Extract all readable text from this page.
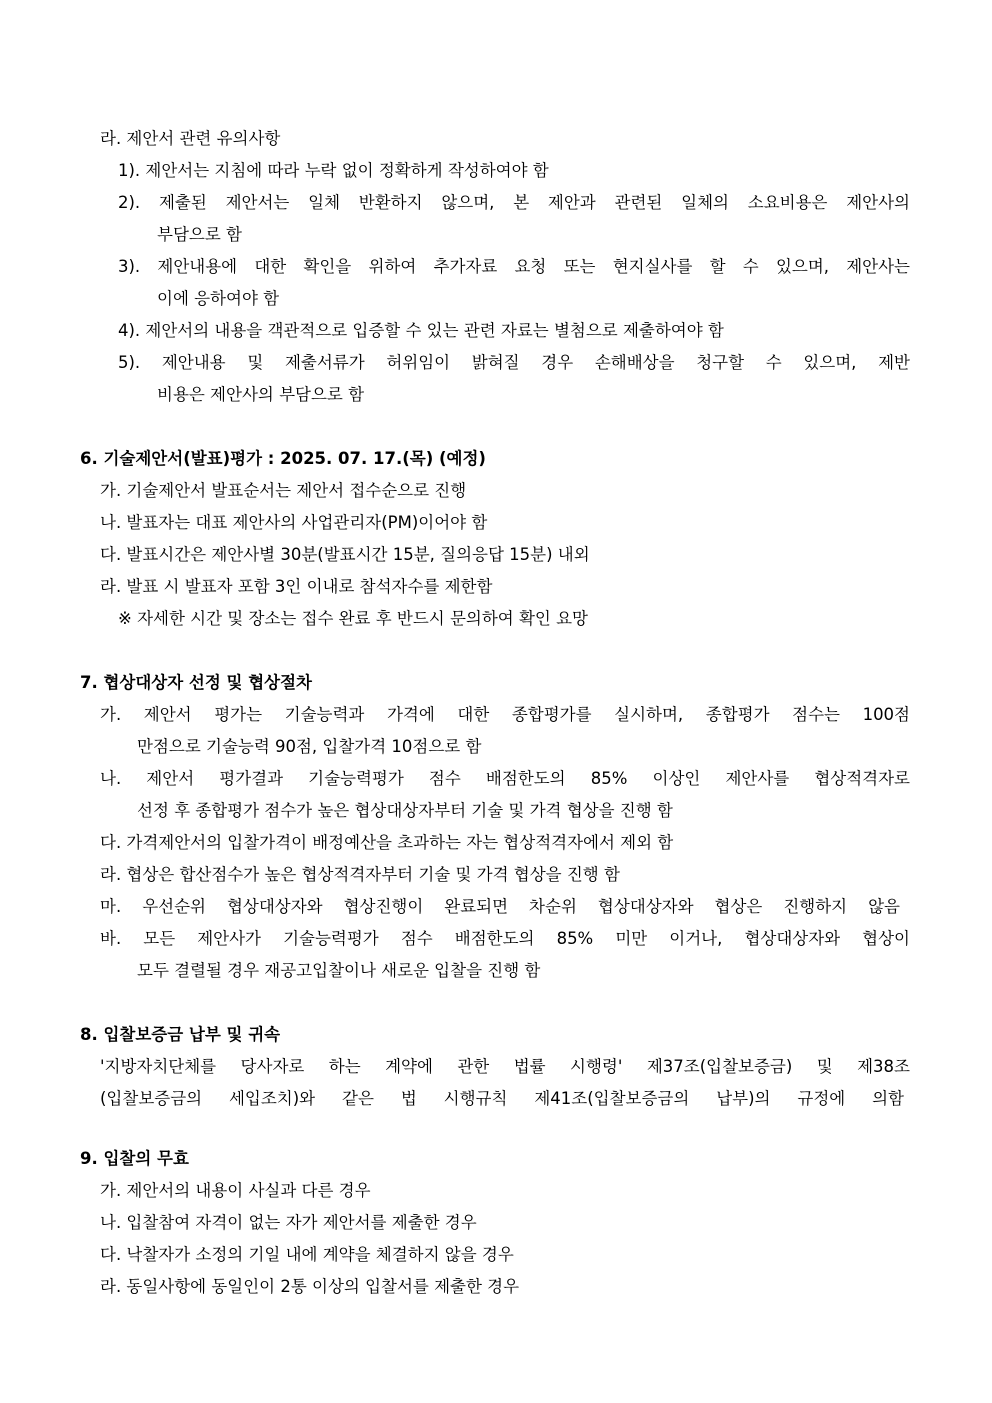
라. 제안서 관련 유의사항
1). 제안서는 지침에 따라 누락 없이 정확하게 작성하여야 함
2). 제출된 제안서는 일체 반환하지 않으며, 본 제안과 관련된 일체의 소요비용은 제안사의
부담으로 함
3). 제안내용에 대한 확인을 위하여 추가자료 요청 또는 현지실사를 할 수 있으며, 제안사는
이에 응하여야 함
4). 제안서의 내용을 객관적으로 입증할 수 있는 관련 자료는 별첨으로 제출하여야 함
5). 제안내용 및 제출서류가 허위임이 밝혀질 경우 손해배상을 청구할 수 있으며, 제반
비용은 제안사의 부담으로 함
6. 기술제안서(발표)평가 : 2025. 07. 17.(목) (예정)
가. 기술제안서 발표순서는 제안서 접수순으로 진행
나. 발표자는 대표 제안사의 사업관리자(PM)이어야 함
다. 발표시간은 제안사별 30분(발표시간 15분, 질의응답 15분) 내외
라. 발표 시 발표자 포함 3인 이내로 참석자수를 제한함
※ 자세한 시간 및 장소는 접수 완료 후 반드시 문의하여 확인 요망
7. 협상대상자 선정 및 협상절차
가. 제안서 평가는 기술능력과 가격에 대한 종합평가를 실시하며, 종합평가 점수는 100점
만점으로 기술능력 90점, 입찰가격 10점으로 함
나. 제안서 평가결과 기술능력평가 점수 배점한도의 85% 이상인 제안사를 협상적격자로
선정 후 종합평가 점수가 높은 협상대상자부터 기술 및 가격 협상을 진행 함
다. 가격제안서의 입찰가격이 배정예산을 초과하는 자는 협상적격자에서 제외 함
라. 협상은 합산점수가 높은 협상적격자부터 기술 및 가격 협상을 진행 함
마. 우선순위 협상대상자와 협상진행이 완료되면 차순위 협상대상자와 협상은 진행하지 않음
바. 모든 제안사가 기술능력평가 점수 배점한도의 85% 미만 이거나, 협상대상자와 협상이
모두 결렬될 경우 재공고입찰이나 새로운 입찰을 진행 함
8. 입찰보증금 납부 및 귀속
'지방자치단체를 당사자로 하는 계약에 관한 법률 시행령' 제37조(입찰보증금) 및 제38조
(입찰보증금의 세입조치)와 같은 법 시행규칙 제41조(입찰보증금의 납부)의 규정에 의함
9. 입찰의 무효
가. 제안서의 내용이 사실과 다른 경우
나. 입찰참여 자격이 없는 자가 제안서를 제출한 경우
다. 낙찰자가 소정의 기일 내에 계약을 체결하지 않을 경우
라. 동일사항에 동일인이 2통 이상의 입찰서를 제출한 경우
